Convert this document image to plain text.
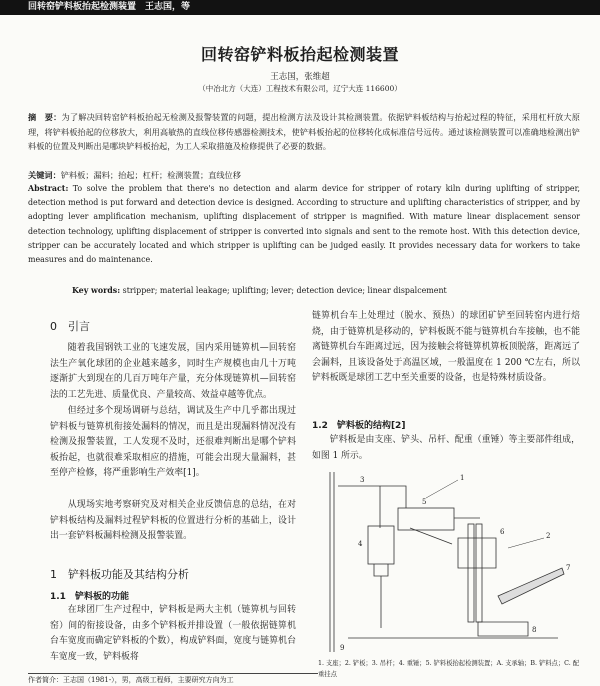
回转窑铲料板抬起检测装置　王志国，等
回转窑铲料板抬起检测装置
王志国，张维超
（中冶北方（大连）工程技术有限公司，辽宁大连 116600）
摘　要：为了解决回转窑铲料板抬起无检测及报警装置的问题，提出检测方法及设计其检测装置。依据铲料板结构与抬起过程的特征，采用杠杆放大原理，将铲料板抬起的位移放大，利用高敏热的直线位移传感器检测技术，使铲料板抬起的位移转化成标准信号远传。通过该检测装置可以准确地检测出铲料板的位置及判断出是哪块铲料板抬起，为工人采取措施及检修提供了必要的数据。
关键词：铲料板；漏料；抬起；杠杆；检测装置；直线位移
Abstract: To solve the problem that there's no detection and alarm device for stripper of rotary kiln during uplifting of stripper, detection method is put forward and detection device is designed. According to structure and uplifting characteristics of stripper, and by adopting lever amplification mechanism, uplifting displacement of stripper is magnified. With mature linear displacement sensor detection technology, uplifting displacement of stripper is converted into signals and sent to the remote host. With this detection device, stripper can be accurately located and which stripper is uplifting can be judged easily. It provides necessary data for workers to take measures and do maintenance.
Key words: stripper; material leakage; uplifting; lever; detection device; linear dispalcement
0　引言
随着我国钢铁工业的飞速发展，国内采用链箅机—回转窑法生产氧化球团的企业越来越多，同时生产规模也由几十万吨逐渐扩大到现在的几百万吨年产量，充分体现链箅机—回转窑法的工艺先进、质量优良、产量较高、效益卓越等优点。
但经过多个现场调研与总结，调试及生产中几乎都出现过铲料板与链箅机衔接处漏料的情况，而且是出现漏料情况没有检测及报警装置，工人发现不及时，还很难判断出是哪个铲料板抬起，也就很难采取相应的措施，可能会出现大量漏料，甚至停产检修，将严重影响生产效率[1]。
从现场实地考察研究及对相关企业反馈信息的总结，在对铲料板结构及漏料过程铲料板的位置进行分析的基础上，设计出一套铲料板漏料检测及报警装置。
1　铲料板功能及其结构分析
1.1　铲料板的功能
在球团厂生产过程中，铲料板是两大主机（链箅机与回转窑）间的衔接设备，由多个铲料板并排设置（一般依据链箅机台车宽度而确定铲料板的个数），构成铲料面，宽度与链箅机台车宽度一致，铲料板将
链箅机台车上处理过（脱水、预热）的球团矿铲至回转窑内进行焙烧，由于链箅机是移动的，铲料板既不能与链箅机台车接触，也不能离链箅机台车距离过远，因为接触会将链箅机箅板顶脱落，距离远了会漏料，且该设备处于高温区域，一般温度在 1 200 ℃左右，所以铲料板既是球团工艺中至关重要的设备，也是特殊材质设备。
1.2　铲料板的结构[2]
铲料板是由支座、铲头、吊杆、配重（重锤）等主要部件组成，如图 1 所示。
1
2
3
4
5
6
7
8
9
1. 支座；2. 铲板；3. 吊杆；4. 重锤；5. 铲料板抬起检测装置；A. 支承轴；B. 铲料点；C. 配重挂点
作者简介：王志国（1981-），男，高级工程师，主要研究方向为工
